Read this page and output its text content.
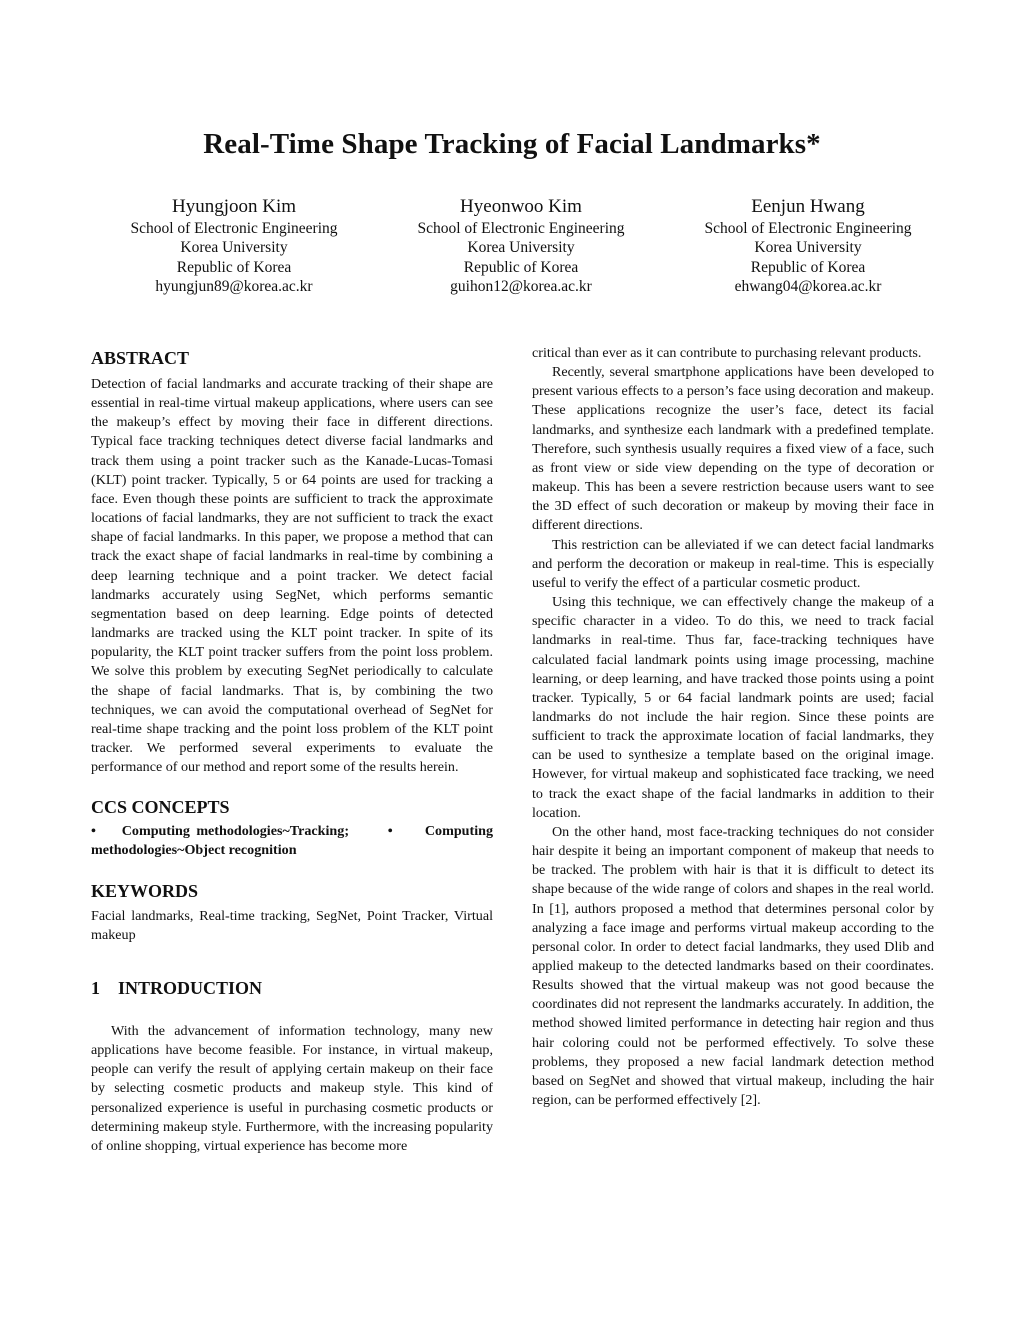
Real-Time Shape Tracking of Facial Landmarks*
Hyungjoon Kim
School of Electronic Engineering
Korea University
Republic of Korea
hyungjun89@korea.ac.kr
Hyeonwoo Kim
School of Electronic Engineering
Korea University
Republic of Korea
guihon12@korea.ac.kr
Eenjun Hwang
School of Electronic Engineering
Korea University
Republic of Korea
ehwang04@korea.ac.kr
ABSTRACT

Detection of facial landmarks and accurate tracking of their shape are essential in real-time virtual makeup applications, where users can see the makeup’s effect by moving their face in different directions. Typical face tracking techniques detect diverse facial landmarks and track them using a point tracker such as the Kanade-Lucas-Tomasi (KLT) point tracker. Typically, 5 or 64 points are used for tracking a face. Even though these points are sufficient to track the approximate locations of facial landmarks, they are not sufficient to track the exact shape of facial landmarks. In this paper, we propose a method that can track the exact shape of facial landmarks in real-time by combining a deep learning technique and a point tracker. We detect facial landmarks accurately using SegNet, which performs semantic segmentation based on deep learning. Edge points of detected landmarks are tracked using the KLT point tracker. In spite of its popularity, the KLT point tracker suffers from the point loss problem. We solve this problem by executing SegNet periodically to calculate the shape of facial landmarks. That is, by combining the two techniques, we can avoid the computational overhead of SegNet for real-time shape tracking and the point loss problem of the KLT point tracker. We performed several experiments to evaluate the performance of our method and report some of the results herein.

CCS CONCEPTS
• Computing methodologies~Tracking;	• Computing methodologies~Object recognition
KEYWORDS

Facial landmarks, Real-time tracking, SegNet, Point Tracker, Virtual makeup

1 INTRODUCTION

With the advancement of information technology, many new applications have become feasible. For instance, in virtual makeup, people can verify the result of applying certain makeup on their face by selecting cosmetic products and makeup style. This kind of personalized experience is useful in purchasing cosmetic products or determining makeup style. Furthermore, with the increasing popularity of online shopping, virtual experience has become more

critical than ever as it can contribute to purchasing relevant products.

Recently, several smartphone applications have been developed to present various effects to a person’s face using decoration and makeup. These applications recognize the user’s face, detect its facial landmarks, and synthesize each landmark with a predefined template. Therefore, such synthesis usually requires a fixed view of a face, such as front view or side view depending on the type of decoration or makeup. This has been a severe restriction because users want to see the 3D effect of such decoration or makeup by moving their face in different directions.

This restriction can be alleviated if we can detect facial landmarks and perform the decoration or makeup in real-time. This is especially useful to verify the effect of a particular cosmetic product.

Using this technique, we can effectively change the makeup of a specific character in a video. To do this, we need to track facial landmarks in real-time. Thus far, face-tracking techniques have calculated facial landmark points using image processing, machine learning, or deep learning, and have tracked those points using a point tracker. Typically, 5 or 64 facial landmark points are used; facial landmarks do not include the hair region. Since these points are sufficient to track the approximate location of facial landmarks, they can be used to synthesize a template based on the original image. However, for virtual makeup and sophisticated face tracking, we need to track the exact shape of the facial landmarks in addition to their location.

On the other hand, most face-tracking techniques do not consider hair despite it being an important component of makeup that needs to be tracked. The problem with hair is that it is difficult to detect its shape because of the wide range of colors and shapes in the real world. In [1], authors proposed a method that determines personal color by analyzing a face image and performs virtual makeup according to the personal color. In order to detect facial landmarks, they used Dlib and applied makeup to the detected landmarks based on their coordinates. Results showed that the virtual makeup was not good because the coordinates did not represent the landmarks accurately. In addition, the method showed limited performance in detecting hair region and thus hair coloring could not be performed effectively. To solve these problems, they proposed a new facial landmark detection method based on SegNet and showed that virtual makeup, including the hair region, can be performed effectively [2].
